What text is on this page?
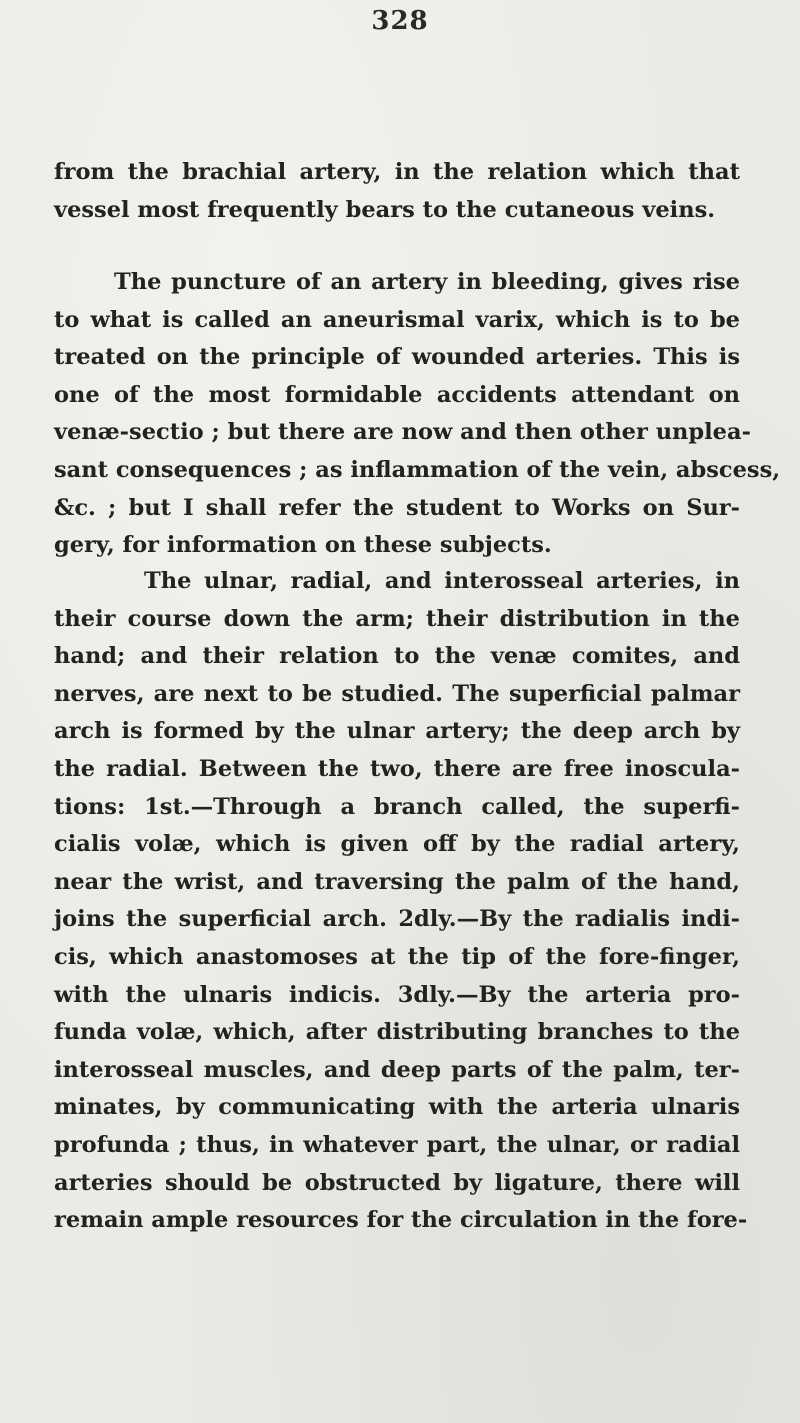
328
from the brachial artery, in the relation which that
vessel most frequently bears to the cutaneous veins.
The puncture of an artery in bleeding, gives rise
to what is called an aneurismal varix, which is to be
treated on the principle of wounded arteries. This is
one of the most formidable accidents attendant on
venæ-sectio ; but there are now and then other unplea-
sant consequences ; as inflammation of the vein, abscess,
&c. ; but I shall refer the student to Works on Sur-
gery, for information on these subjects.
The ulnar, radial, and interosseal arteries, in
their course down the arm; their distribution in the
hand; and their relation to the venæ comites, and
nerves, are next to be studied. The superficial palmar
arch is formed by the ulnar artery; the deep arch by
the radial. Between the two, there are free inoscula-
tions: 1st.—Through a branch called, the superfi-
cialis volæ, which is given off by the radial artery,
near the wrist, and traversing the palm of the hand,
joins the superficial arch. 2dly.—By the radialis indi-
cis, which anastomoses at the tip of the fore-finger,
with the ulnaris indicis. 3dly.—By the arteria pro-
funda volæ, which, after distributing branches to the
interosseal muscles, and deep parts of the palm, ter-
minates, by communicating with the arteria ulnaris
profunda ; thus, in whatever part, the ulnar, or radial
arteries should be obstructed by ligature, there will
remain ample resources for the circulation in the fore-
